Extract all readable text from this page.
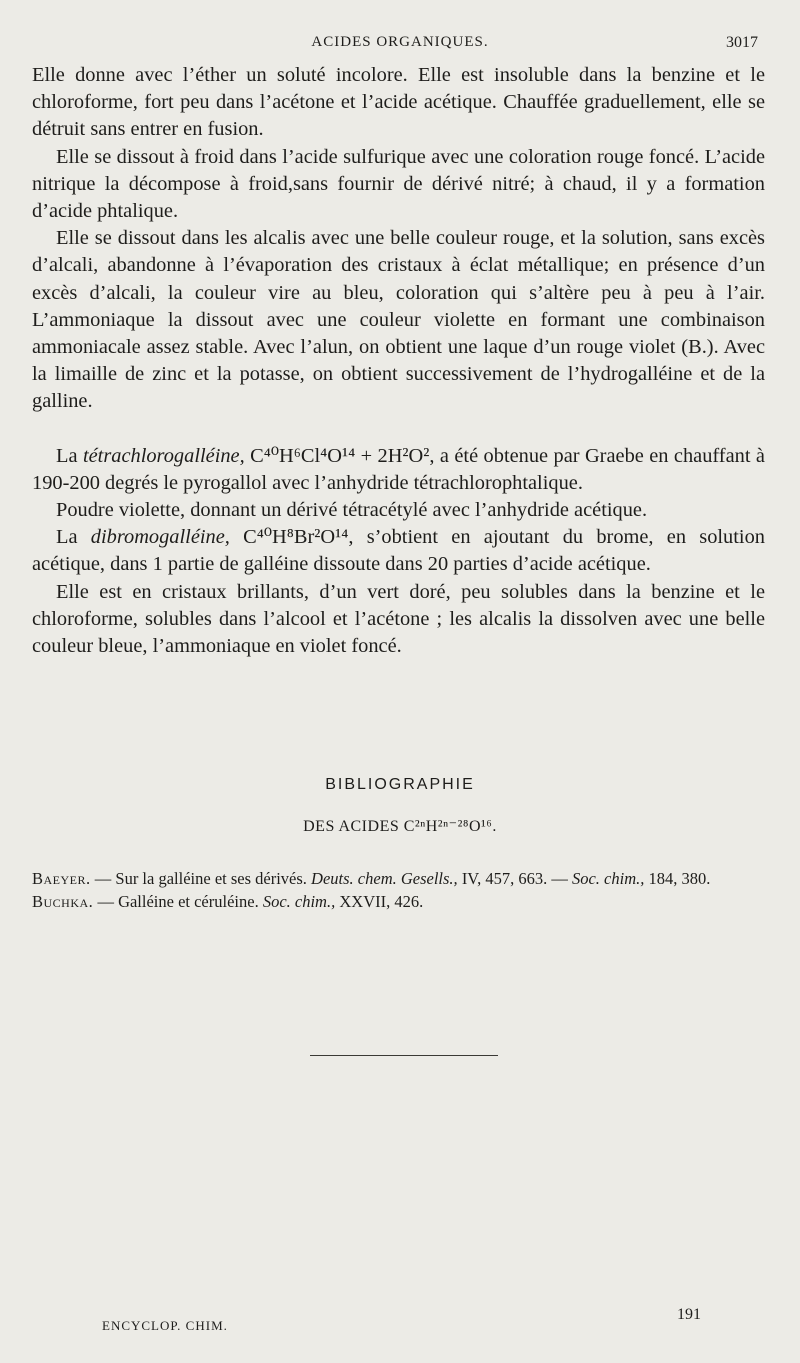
ACIDES ORGANIQUES.	3017

Elle donne avec l’éther un soluté incolore. Elle est insoluble dans la benzine et le chloroforme, fort peu dans l’acétone et l’acide acétique. Chauffée graduellement, elle se détruit sans entrer en fusion.

Elle se dissout à froid dans l’acide sulfurique avec une coloration rouge foncé. L’acide nitrique la décompose à froid,sans fournir de dérivé nitré; à chaud, il y a formation d’acide phtalique.

Elle se dissout dans les alcalis avec une belle couleur rouge, et la solution, sans excès d’alcali, abandonne à l’évaporation des cristaux à éclat métallique; en présence d’un excès d’alcali, la couleur vire au bleu, coloration qui s’altère peu à peu à l’air. L’ammoniaque la dissout avec une couleur violette en formant une combinaison ammoniacale assez stable. Avec l’alun, on obtient une laque d’un rouge violet (B.). Avec la limaille de zinc et la potasse, on obtient successivement de l’hydrogalléine et de la galline.

La tétrachlorogalléine, C⁴⁰H⁶Cl⁴O¹⁴ + 2H²O², a été obtenue par Graebe en chauffant à 190-200 degrés le pyrogallol avec l’anhydride tétrachlorophtalique.

Poudre violette, donnant un dérivé tétracétylé avec l’anhydride acétique.

La dibromogalléine, C⁴⁰H⁸Br²O¹⁴, s’obtient en ajoutant du brome, en solution acétique, dans 1 partie de galléine dissoute dans 20 parties d’acide acétique.

Elle est en cristaux brillants, d’un vert doré, peu solubles dans la benzine et le chloroforme, solubles dans l’alcool et l’acétone ; les alcalis la dissolven avec une belle couleur bleue, l’ammoniaque en violet foncé.

BIBLIOGRAPHIE
DES ACIDES C²ⁿH²ⁿ⁻²⁸O¹⁶.

Baeyer. — Sur la galléine et ses dérivés. Deuts. chem. Gesells., IV, 457, 663. — Soc. chim., 184, 380.

Buchka. — Galléine et céruléine. Soc. chim., XXVII, 426.

ENCYCLOP. CHIM.
191
